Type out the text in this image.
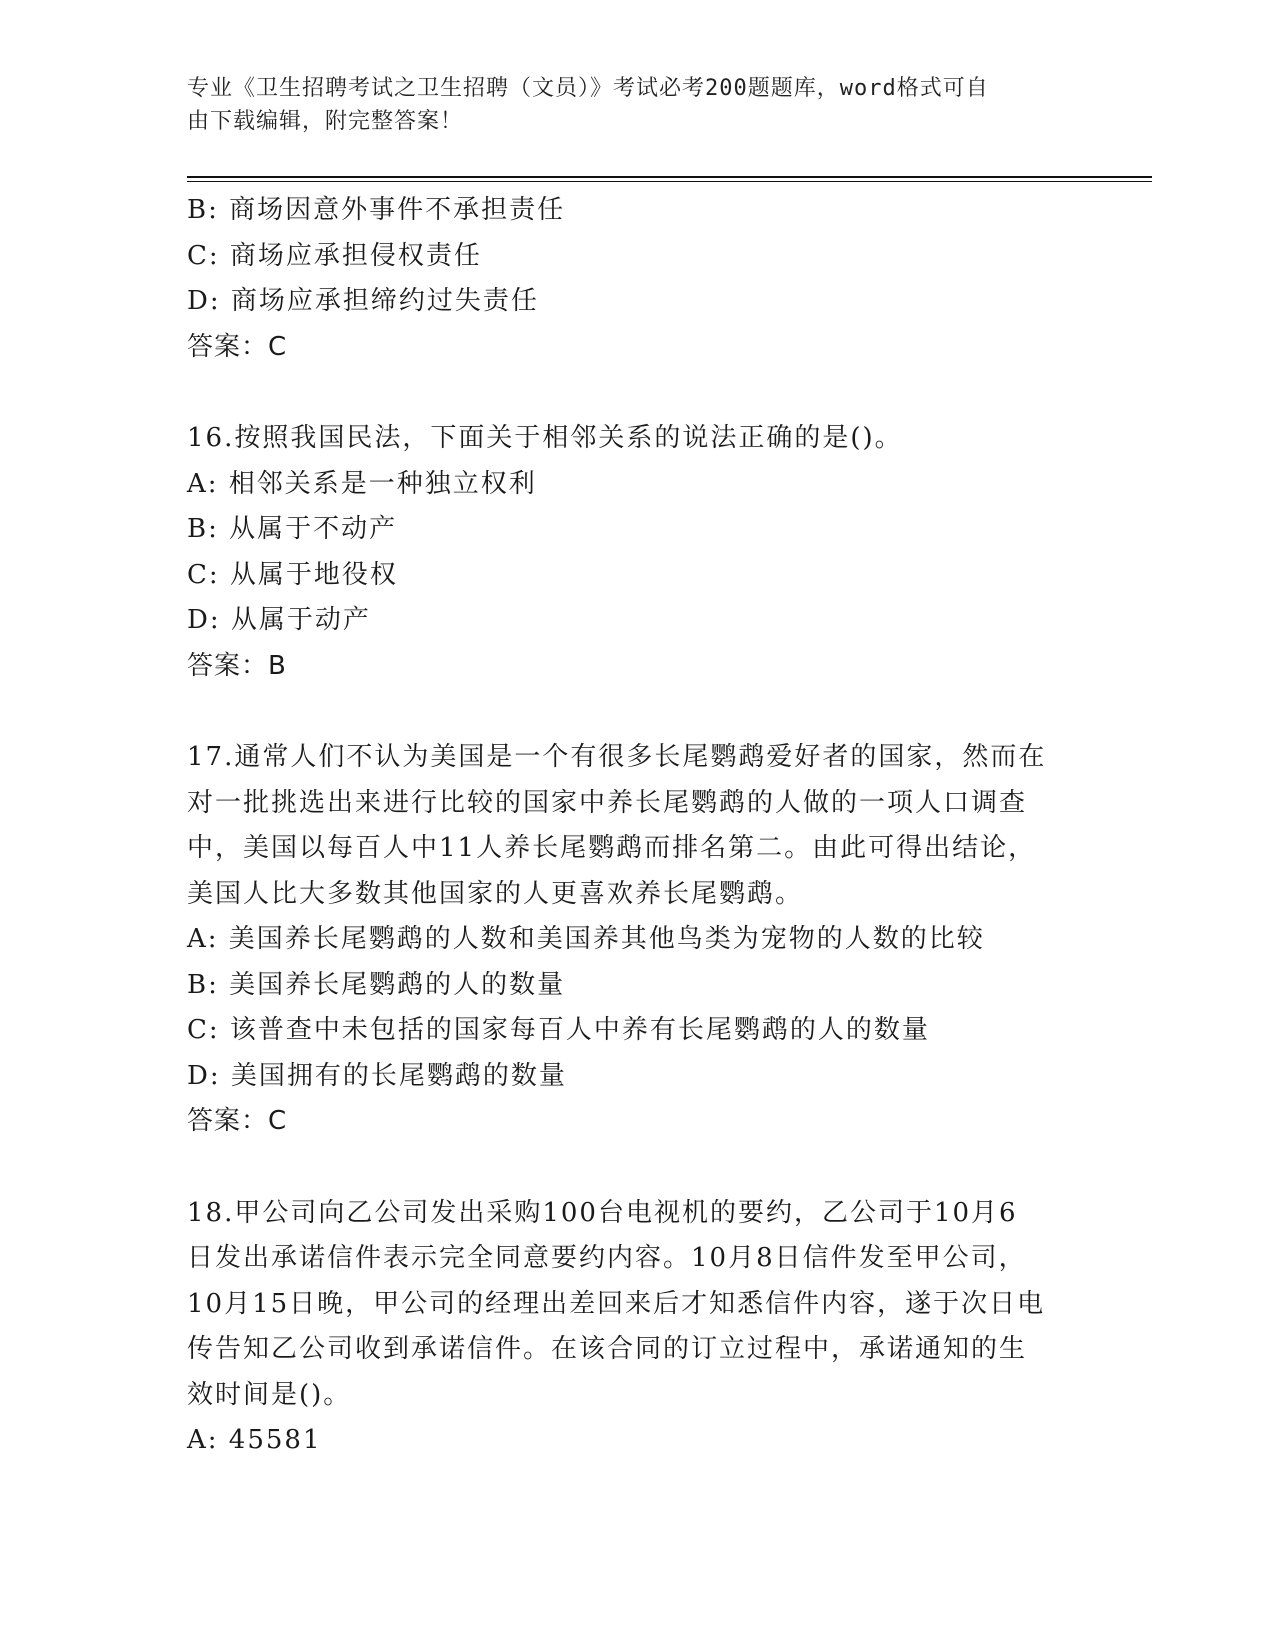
专业《卫生招聘考试之卫生招聘（文员）》考试必考200题题库，word格式可自
由下载编辑，附完整答案！
B: 商场因意外事件不承担责任
C: 商场应承担侵权责任
D: 商场应承担缔约过失责任
答案：C
16.按照我国民法，下面关于相邻关系的说法正确的是()。
A: 相邻关系是一种独立权利
B: 从属于不动产
C: 从属于地役权
D: 从属于动产
答案：B
17.通常人们不认为美国是一个有很多长尾鹦鹉爱好者的国家，然而在
对一批挑选出来进行比较的国家中养长尾鹦鹉的人做的一项人口调查
中，美国以每百人中11人养长尾鹦鹉而排名第二。由此可得出结论，
美国人比大多数其他国家的人更喜欢养长尾鹦鹉。
A: 美国养长尾鹦鹉的人数和美国养其他鸟类为宠物的人数的比较
B: 美国养长尾鹦鹉的人的数量
C: 该普查中未包括的国家每百人中养有长尾鹦鹉的人的数量
D: 美国拥有的长尾鹦鹉的数量
答案：C
18.甲公司向乙公司发出采购100台电视机的要约，乙公司于10月6
日发出承诺信件表示完全同意要约内容。10月8日信件发至甲公司，
10月15日晚，甲公司的经理出差回来后才知悉信件内容，遂于次日电
传告知乙公司收到承诺信件。在该合同的订立过程中，承诺通知的生
效时间是()。
A: 45581
